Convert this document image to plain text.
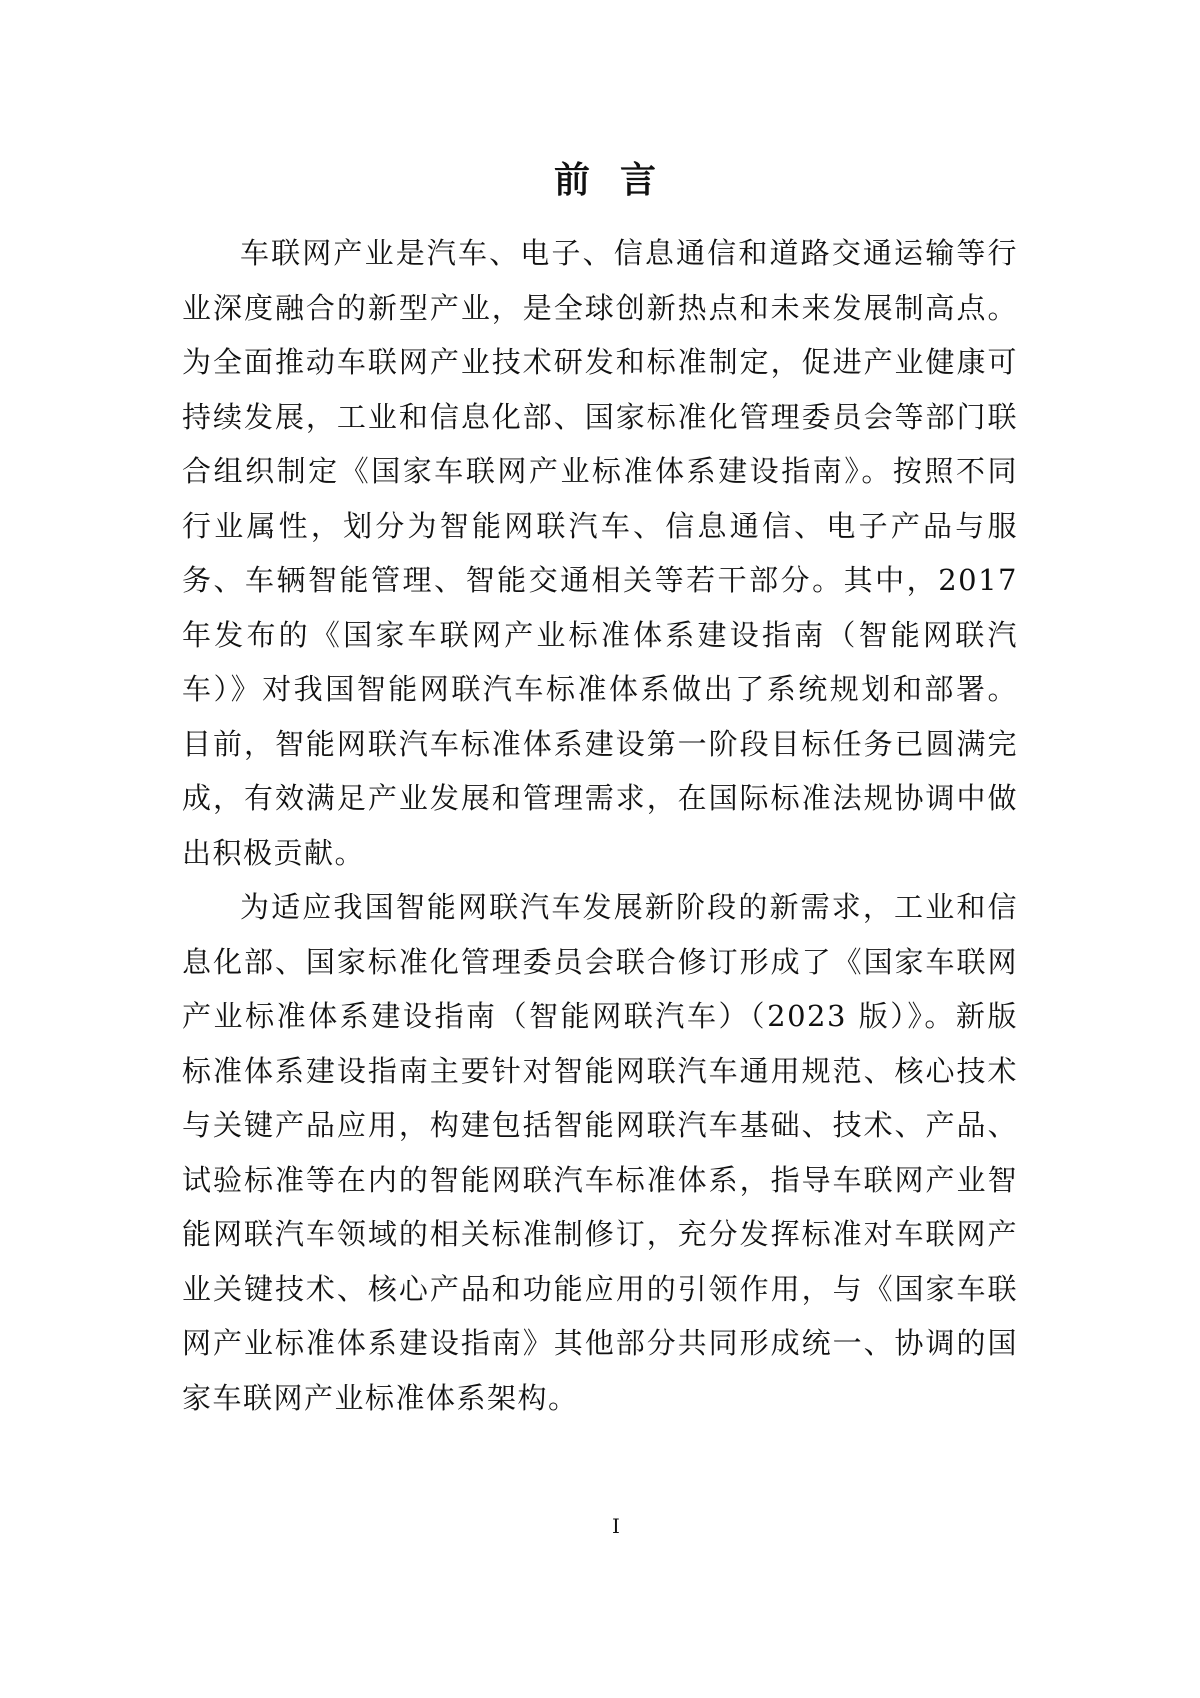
前言

车联网产业是汽车、电子、信息通信和道路交通运输等行业深度融合的新型产业，是全球创新热点和未来发展制高点。为全面推动车联网产业技术研发和标准制定，促进产业健康可持续发展，工业和信息化部、国家标准化管理委员会等部门联合组织制定《国家车联网产业标准体系建设指南》。按照不同行业属性，划分为智能网联汽车、信息通信、电子产品与服务、车辆智能管理、智能交通相关等若干部分。其中，2017 年发布的《国家车联网产业标准体系建设指南（智能网联汽车）》对我国智能网联汽车标准体系做出了系统规划和部署。目前，智能网联汽车标准体系建设第一阶段目标任务已圆满完成，有效满足产业发展和管理需求，在国际标准法规协调中做出积极贡献。

为适应我国智能网联汽车发展新阶段的新需求，工业和信息化部、国家标准化管理委员会联合修订形成了《国家车联网产业标准体系建设指南（智能网联汽车）（2023 版）》。新版标准体系建设指南主要针对智能网联汽车通用规范、核心技术与关键产品应用，构建包括智能网联汽车基础、技术、产品、试验标准等在内的智能网联汽车标准体系，指导车联网产业智能网联汽车领域的相关标准制修订，充分发挥标准对车联网产业关键技术、核心产品和功能应用的引领作用，与《国家车联网产业标准体系建设指南》其他部分共同形成统一、协调的国家车联网产业标准体系架构。

I
